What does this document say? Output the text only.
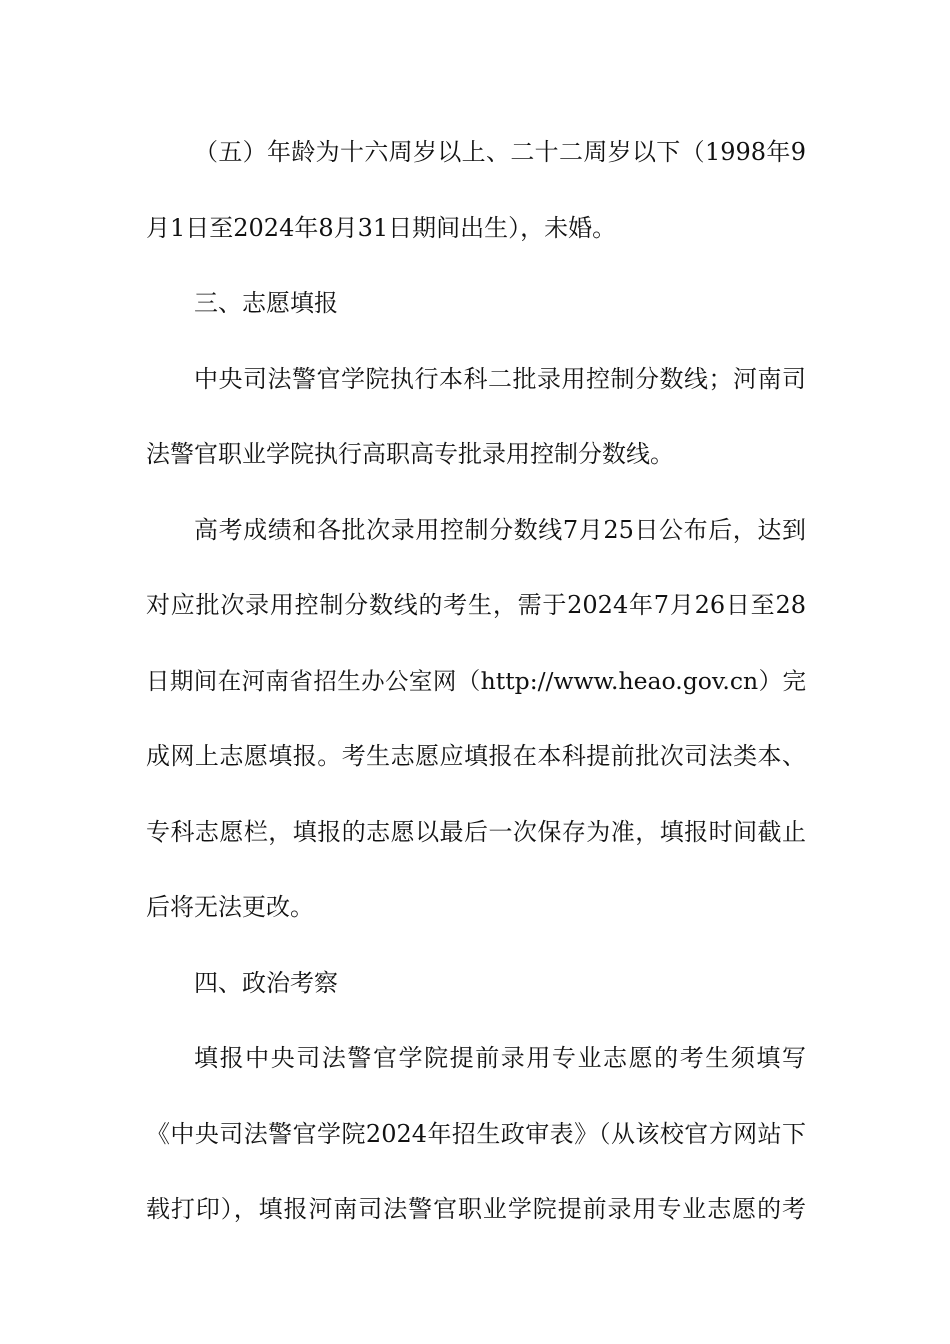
（五）年龄为十六周岁以上、二十二周岁以下（1998年9

月1日至2024年8月31日期间出生），未婚。

三、志愿填报

中央司法警官学院执行本科二批录用控制分数线；河南司

法警官职业学院执行高职高专批录用控制分数线。

高考成绩和各批次录用控制分数线7月25日公布后，达到

对应批次录用控制分数线的考生，需于2024年7月26日至28

日期间在河南省招生办公室网（http://www.heao.gov.cn）完

成网上志愿填报。考生志愿应填报在本科提前批次司法类本、

专科志愿栏，填报的志愿以最后一次保存为准，填报时间截止

后将无法更改。

四、政治考察

填报中央司法警官学院提前录用专业志愿的考生须填写

《中央司法警官学院2024年招生政审表》（从该校官方网站下

载打印），填报河南司法警官职业学院提前录用专业志愿的考
